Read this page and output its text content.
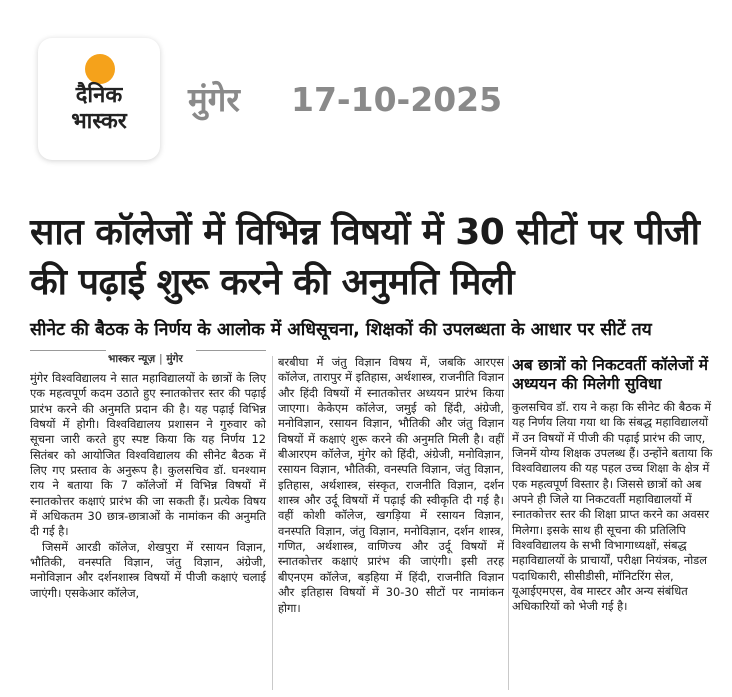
दैनिक
भास्कर
मुंगेर 17-10-2025
सात कॉलेजों में विभिन्न विषयों में 30 सीटों पर पीजी की पढ़ाई शुरू करने की अनुमति मिली
सीनेट की बैठक के निर्णय के आलोक में अधिसूचना, शिक्षकों की उपलब्धता के आधार पर सीटें तय
भास्कर न्यूज़ | मुंगेर

मुंगेर विश्वविद्यालय ने सात महाविद्यालयों के छात्रों के लिए एक महत्वपूर्ण कदम उठाते हुए स्नातकोत्तर स्तर की पढ़ाई प्रारंभ करने की अनुमति प्रदान की है। यह पढ़ाई विभिन्न विषयों में होगी। विश्वविद्यालय प्रशासन ने गुरुवार को सूचना जारी करते हुए स्पष्ट किया कि यह निर्णय 12 सितंबर को आयोजित विश्वविद्यालय की सीनेट बैठक में लिए गए प्रस्ताव के अनुरूप है। कुलसचिव डॉ. घनश्याम राय ने बताया कि 7 कॉलेजों में विभिन्न विषयों में स्नातकोत्तर कक्षाएं प्रारंभ की जा सकती हैं। प्रत्येक विषय में अधिकतम 30 छात्र-छात्राओं के नामांकन की अनुमति दी गई है।

जिसमें आरडी कॉलेज, शेखपुरा में रसायन विज्ञान, भौतिकी, वनस्पति विज्ञान, जंतु विज्ञान, अंग्रेजी, मनोविज्ञान और दर्शनशास्त्र विषयों में पीजी कक्षाएं चलाई जाएंगी। एसकेआर कॉलेज,

बरबीघा में जंतु विज्ञान विषय में, जबकि आरएस कॉलेज, तारापुर में इतिहास, अर्थशास्त्र, राजनीति विज्ञान और हिंदी विषयों में स्नातकोत्तर अध्ययन प्रारंभ किया जाएगा। केकेएम कॉलेज, जमुई को हिंदी, अंग्रेजी, मनोविज्ञान, रसायन विज्ञान, भौतिकी और जंतु विज्ञान विषयों में कक्षाएं शुरू करने की अनुमति मिली है। वहीं बीआरएम कॉलेज, मुंगेर को हिंदी, अंग्रेजी, मनोविज्ञान, रसायन विज्ञान, भौतिकी, वनस्पति विज्ञान, जंतु विज्ञान, इतिहास, अर्थशास्त्र, संस्कृत, राजनीति विज्ञान, दर्शन शास्त्र और उर्दू विषयों में पढ़ाई की स्वीकृति दी गई है। वहीं कोशी कॉलेज, खगड़िया में रसायन विज्ञान, वनस्पति विज्ञान, जंतु विज्ञान, मनोविज्ञान, दर्शन शास्त्र, गणित, अर्थशास्त्र, वाणिज्य और उर्दू विषयों में स्नातकोत्तर कक्षाएं प्रारंभ की जाएंगी। इसी तरह बीएनएम कॉलेज, बड़हिया में हिंदी, राजनीति विज्ञान और इतिहास विषयों में 30-30 सीटों पर नामांकन होगा।

अब छात्रों को निकटवर्ती कॉलेजों में अध्ययन की मिलेगी सुविधा

कुलसचिव डॉ. राय ने कहा कि सीनेट की बैठक में यह निर्णय लिया गया था कि संबद्ध महाविद्यालयों में उन विषयों में पीजी की पढ़ाई प्रारंभ की जाए, जिनमें योग्य शिक्षक उपलब्ध हैं। उन्होंने बताया कि विश्वविद्यालय की यह पहल उच्च शिक्षा के क्षेत्र में एक महत्वपूर्ण विस्तार है। जिससे छात्रों को अब अपने ही जिले या निकटवर्ती महाविद्यालयों में स्नातकोत्तर स्तर की शिक्षा प्राप्त करने का अवसर मिलेगा। इसके साथ ही सूचना की प्रतिलिपि विश्वविद्यालय के सभी विभागाध्यक्षों, संबद्ध महाविद्यालयों के प्राचार्यों, परीक्षा नियंत्रक, नोडल पदाधिकारी, सीसीडीसी, मॉनिटरिंग सेल, यूआईएमएस, वेब मास्टर और अन्य संबंधित अधिकारियों को भेजी गई है।
